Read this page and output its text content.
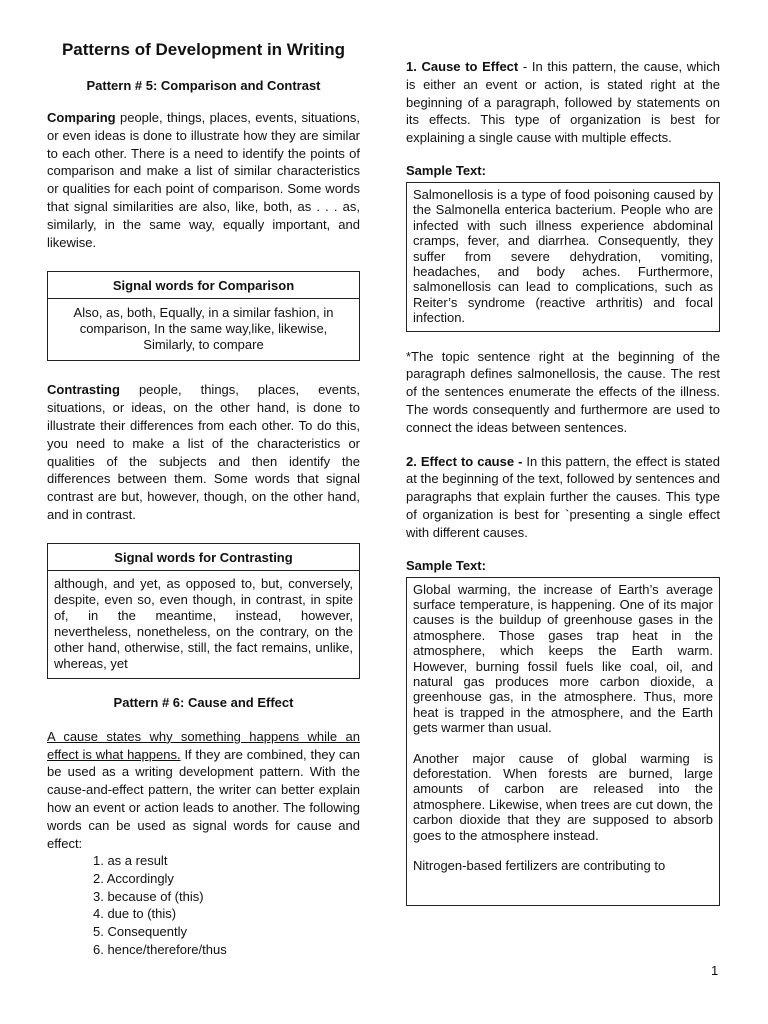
Patterns of Development in Writing
Pattern # 5: Comparison and Contrast

Comparing people, things, places, events, situations, or even ideas is done to illustrate how they are similar to each other. There is a need to identify the points of comparison and make a list of similar characteristics or qualities for each point of comparison. Some words that signal similarities are also, like, both, as . . . as, similarly, in the same way, equally important, and likewise.

Signal words for Comparison
Also, as, both, Equally, in a similar fashion, in comparison, In the same way,like, likewise, Similarly, to compare

Contrasting people, things, places, events, situations, or ideas, on the other hand, is done to illustrate their differences from each other. To do this, you need to make a list of the characteristics or qualities of the subjects and then identify the differences between them. Some words that signal contrast are but, however, though, on the other hand, and in contrast.

Signal words for Contrasting
although, and yet, as opposed to, but, conversely, despite, even so, even though, in contrast, in spite of, in the meantime, instead, however, nevertheless, nonetheless, on the contrary, on the other hand, otherwise, still, the fact remains, unlike, whereas, yet
Pattern # 6: Cause and Effect

A cause states why something happens while an effect is what happens. If they are combined, they can be used as a writing development pattern. With the cause-and-effect pattern, the writer can better explain how an event or action leads to another. The following words can be used as signal words for cause and effect:

1. as a result
2. Accordingly
3. because of (this)
4. due to (this)
5. Consequently
6. hence/therefore/thus

1. Cause to Effect - In this pattern, the cause, which is either an event or action, is stated right at the beginning of a paragraph, followed by statements on its effects. This type of organization is best for explaining a single cause with multiple effects.

Sample Text:

Salmonellosis is a type of food poisoning caused by the Salmonella enterica bacterium. People who are infected with such illness experience abdominal cramps, fever, and diarrhea. Consequently, they suffer from severe dehydration, vomiting, headaches, and body aches. Furthermore, salmonellosis can lead to complications, such as Reiter’s syndrome (reactive arthritis) and focal infection.

*The topic sentence right at the beginning of the paragraph defines salmonellosis, the cause. The rest of the sentences enumerate the effects of the illness. The words consequently and furthermore are used to connect the ideas between sentences.

2. Effect to cause - In this pattern, the effect is stated at the beginning of the text, followed by sentences and paragraphs that explain further the causes. This type of organization is best for `presenting a single effect with different causes.

Sample Text:

Global warming, the increase of Earth’s average surface temperature, is happening. One of its major causes is the buildup of greenhouse gases in the atmosphere. Those gases trap heat in the atmosphere, which keeps the Earth warm. However, burning fossil fuels like coal, oil, and natural gas produces more carbon dioxide, a greenhouse gas, in the atmosphere. Thus, more heat is trapped in the atmosphere, and the Earth gets warmer than usual.

Another major cause of global warming is deforestation. When forests are burned, large amounts of carbon are released into the atmosphere. Likewise, when trees are cut down, the carbon dioxide that they are supposed to absorb goes to the atmosphere instead.

Nitrogen-based fertilizers are contributing to

1
